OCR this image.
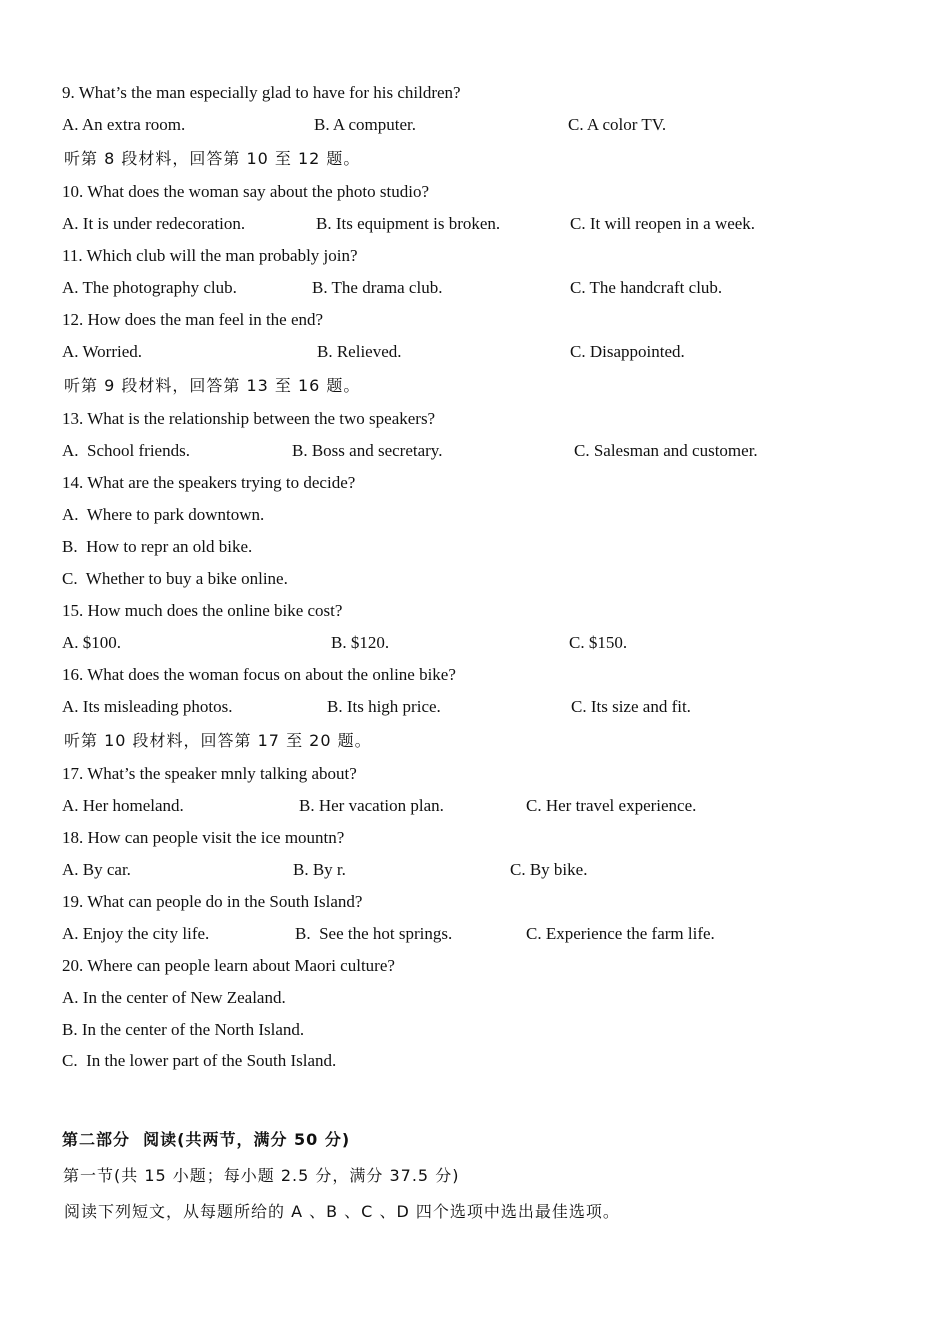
9. What’s the man especially glad to have for his children?
A. An extra room.	B. A computer.	C. A color TV.
听第 8 段材料，回答第 10 至 12 题。
10. What does the woman say about the photo studio?
A. It is under redecoration.	B. Its equipment is broken.	C. It will reopen in a week.
11. Which club will the man probably join?
A. The photography club.	B. The drama club.	C. The handcraft club.
12. How does the man feel in the end?
A. Worried.	B. Relieved.	C. Disappointed.
听第 9 段材料，回答第 13 至 16 题。
13. What is the relationship between the two speakers?
A.  School friends.	B. Boss and secretary.	C. Salesman and customer.
14. What are the speakers trying to decide?
A.  Where to park downtown.
B.  How to repr an old bike.
C.  Whether to buy a bike online.
15. How much does the online bike cost?
A. $100.	B. $120.	C. $150.
16. What does the woman focus on about the online bike?
A. Its misleading photos.	B. Its high price.	C. Its size and fit.
听第 10 段材料，回答第 17 至 20 题。
17. What’s the speaker mnly talking about?
A. Her homeland.	B. Her vacation plan.	C. Her travel experience.
18. How can people visit the ice mountn?
A. By car.	B. By r.	C. By bike.
19. What can people do in the South Island?
A. Enjoy the city life.	B.  See the hot springs.	C. Experience the farm life.
20. Where can people learn about Maori culture?
A. In the center of New Zealand.
B. In the center of the North Island.
C.  In the lower part of the South Island.
第二部分  阅读(共两节，满分 50 分)
第一节(共 15 小题；每小题 2.5 分，满分 37.5 分)
阅读下列短文，从每题所给的 A 、B 、C 、D 四个选项中选出最佳选项。
